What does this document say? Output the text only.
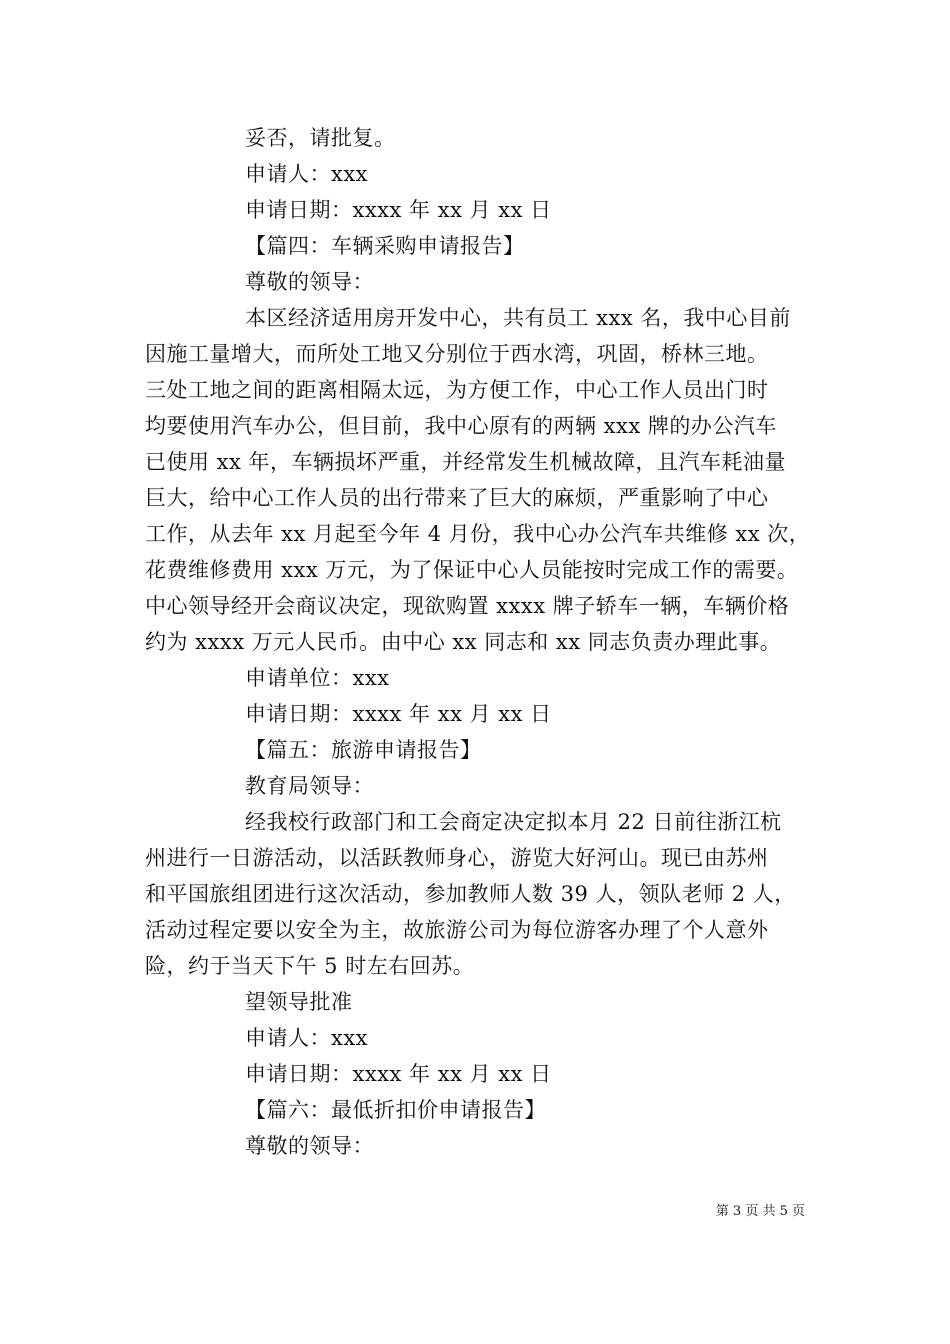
妥否，请批复。
申请人：xxx
申请日期：xxxx 年 xx 月 xx 日
【篇四：车辆采购申请报告】
尊敬的领导：
本区经济适用房开发中心，共有员工 xxx 名，我中心目前
因施工量增大，而所处工地又分别位于西水湾，巩固，桥林三地。
三处工地之间的距离相隔太远，为方便工作，中心工作人员出门时
均要使用汽车办公，但目前，我中心原有的两辆 xxx 牌的办公汽车
已使用 xx 年，车辆损坏严重，并经常发生机械故障，且汽车耗油量
巨大，给中心工作人员的出行带来了巨大的麻烦，严重影响了中心
工作，从去年 xx 月起至今年 4 月份，我中心办公汽车共维修 xx 次，
花费维修费用 xxx 万元，为了保证中心人员能按时完成工作的需要。
中心领导经开会商议决定，现欲购置 xxxx 牌子轿车一辆，车辆价格
约为 xxxx 万元人民币。由中心 xx 同志和 xx 同志负责办理此事。
申请单位：xxx
申请日期：xxxx 年 xx 月 xx 日
【篇五：旅游申请报告】
教育局领导：
经我校行政部门和工会商定决定拟本月 22 日前往浙江杭
州进行一日游活动，以活跃教师身心，游览大好河山。现已由苏州
和平国旅组团进行这次活动，参加教师人数 39 人，领队老师 2 人，
活动过程定要以安全为主，故旅游公司为每位游客办理了个人意外
险，约于当天下午 5 时左右回苏。
望领导批准
申请人：xxx
申请日期：xxxx 年 xx 月 xx 日
【篇六：最低折扣价申请报告】
尊敬的领导：
第 3 页 共 5 页
